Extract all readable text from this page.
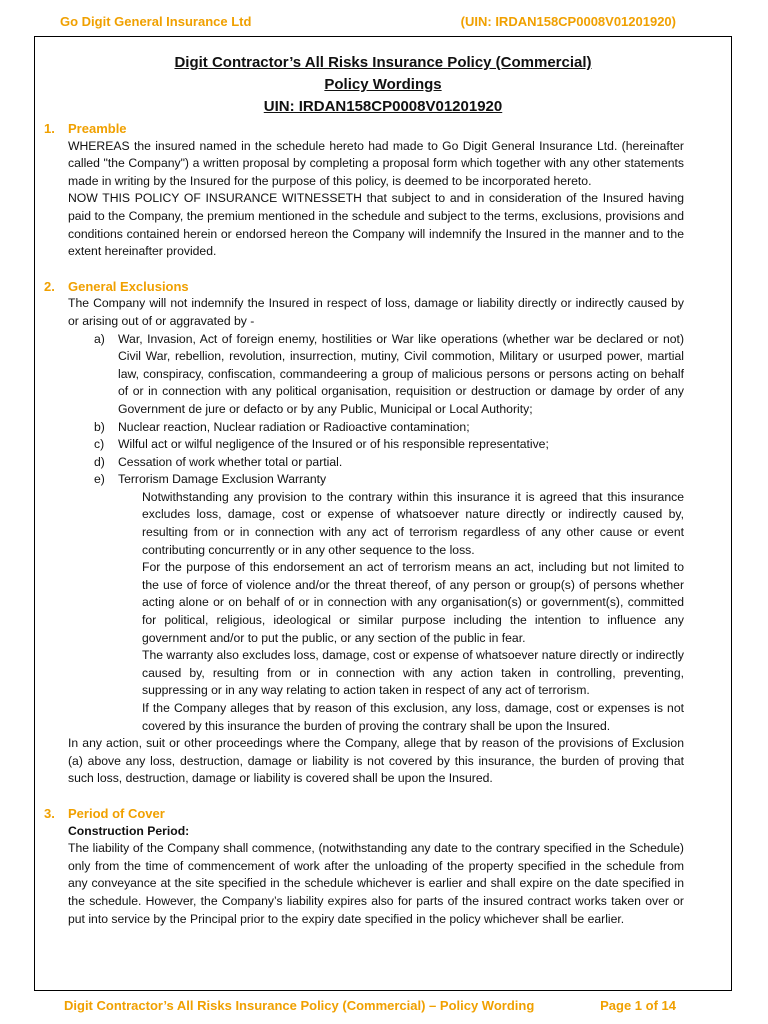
Go Digit General Insurance Ltd	(UIN: IRDAN158CP0008V01201920)
Digit Contractor’s All Risks Insurance Policy (Commercial)
Policy Wordings
UIN: IRDAN158CP0008V01201920
1.	Preamble

WHEREAS the insured named in the schedule hereto had made to Go Digit General Insurance Ltd. (hereinafter called "the Company") a written proposal by completing a proposal form which together with any other statements made in writing by the Insured for the purpose of this policy, is deemed to be incorporated hereto.

NOW THIS POLICY OF INSURANCE WITNESSETH that subject to and in consideration of the Insured having paid to the Company, the premium mentioned in the schedule and subject to the terms, exclusions, provisions and conditions contained herein or endorsed hereon the Company will indemnify the Insured in the manner and to the extent hereinafter provided.

2.	General Exclusions

The Company will not indemnify the Insured in respect of loss, damage or liability directly or indirectly caused by or arising out of or aggravated by -

a)	War, Invasion, Act of foreign enemy, hostilities or War like operations (whether war be declared or not) Civil War, rebellion, revolution, insurrection, mutiny, Civil commotion, Military or usurped power, martial law, conspiracy, confiscation, commandeering a group of malicious persons or persons acting on behalf of or in connection with any political organisation, requisition or destruction or damage by order of any Government de jure or defacto or by any Public, Municipal or Local Authority;
b)	Nuclear reaction, Nuclear radiation or Radioactive contamination;
c)	Wilful act or wilful negligence of the Insured or of his responsible representative;
d)	Cessation of work whether total or partial.
e)	Terrorism Damage Exclusion Warranty

Notwithstanding any provision to the contrary within this insurance it is agreed that this insurance excludes loss, damage, cost or expense of whatsoever nature directly or indirectly caused by, resulting from or in connection with any act of terrorism regardless of any other cause or event contributing concurrently or in any other sequence to the loss.

For the purpose of this endorsement an act of terrorism means an act, including but not limited to the use of force of violence and/or the threat thereof, of any person or group(s) of persons whether acting alone or on behalf of or in connection with any organisation(s) or government(s), committed for political, religious, ideological or similar purpose including the intention to influence any government and/or to put the public, or any section of the public in fear.

The warranty also excludes loss, damage, cost or expense of whatsoever nature directly or indirectly caused by, resulting from or in connection with any action taken in controlling, preventing, suppressing or in any way relating to action taken in respect of any act of terrorism.

If the Company alleges that by reason of this exclusion, any loss, damage, cost or expenses is not covered by this insurance the burden of proving the contrary shall be upon the Insured.

In any action, suit or other proceedings where the Company, allege that by reason of the provisions of Exclusion (a) above any loss, destruction, damage or liability is not covered by this insurance, the burden of proving that such loss, destruction, damage or liability is covered shall be upon the Insured.

3.	Period of Cover

Construction Period:

The liability of the Company shall commence, (notwithstanding any date to the contrary specified in the Schedule) only from the time of commencement of work after the unloading of the property specified in the schedule from any conveyance at the site specified in the schedule whichever is earlier and shall expire on the date specified in the schedule. However, the Company’s liability expires also for parts of the insured contract works taken over or put into service by the Principal prior to the expiry date specified in the policy whichever shall be earlier.

Digit Contractor’s All Risks Insurance Policy (Commercial) – Policy Wording	Page 1 of 14
